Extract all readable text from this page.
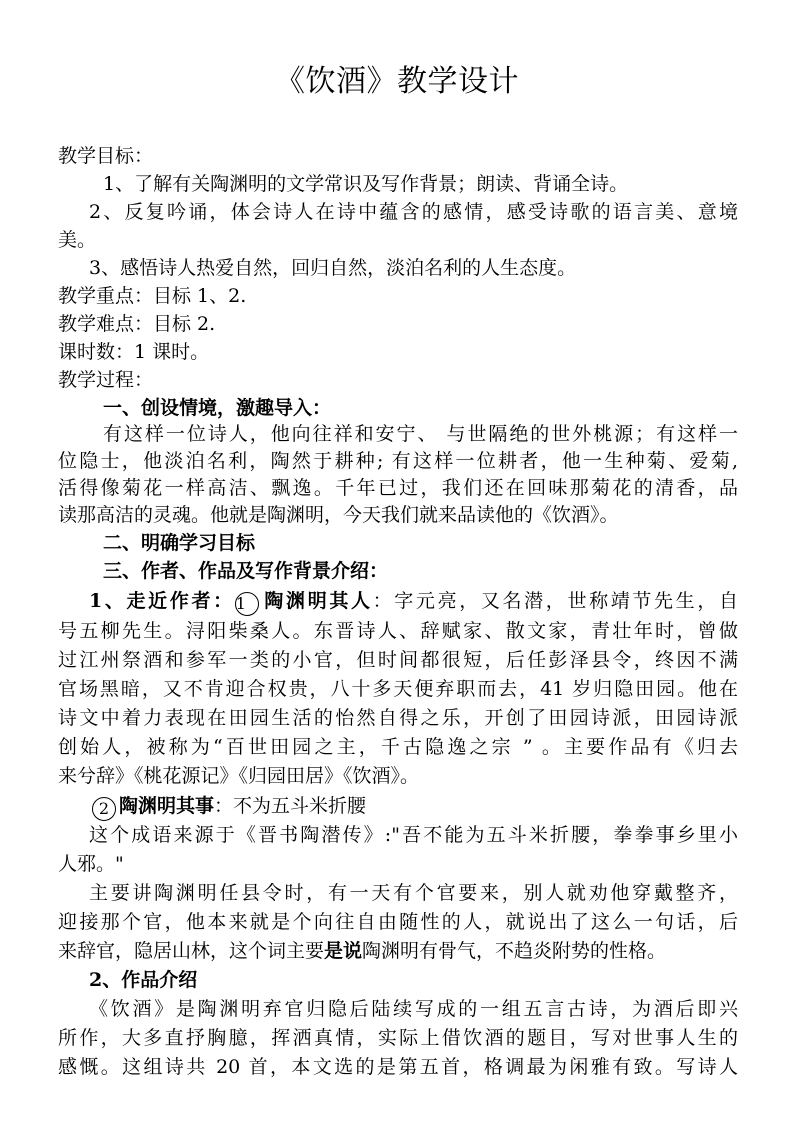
《饮酒》教学设计
教学目标：
1、了解有关陶渊明的文学常识及写作背景；朗读、背诵全诗。
2、反复吟诵，体会诗人在诗中蕴含的感情，感受诗歌的语言美、意境
美。
3、感悟诗人热爱自然，回归自然，淡泊名利的人生态度。
教学重点：目标 1、2.
教学难点：目标 2.
课时数：1 课时。
教学过程：
一、创设情境，激趣导入：
有这样一位诗人，他向往祥和安宁、 与世隔绝的世外桃源；有这样一
位隐士，他淡泊名利，陶然于耕种; 有这样一位耕者，他一生种菊、爱菊,
活得像菊花一样高洁、飘逸。千年已过，我们还在回味那菊花的清香，品
读那高洁的灵魂。他就是陶渊明，今天我们就来品读他的《饮酒》。
二、明确学习目标
三、作者、作品及写作背景介绍：
1、走近作者：1 陶渊明其人：字元亮，又名潜，世称靖节先生，自
号五柳先生。浔阳柴桑人。东晋诗人、辞赋家、散文家，青壮年时，曾做
过江州祭酒和参军一类的小官，但时间都很短，后任彭泽县令，终因不满
官场黑暗，又不肯迎合权贵，八十多天便弃职而去，41 岁归隐田园。他在
诗文中着力表现在田园生活的怡然自得之乐，开创了田园诗派，田园诗派
创始人，被称为“百世田园之主，千古隐逸之宗 ” 。主要作品有《归去
来兮辞》《桃花源记》《归园田居》《饮酒》。
2 陶渊明其事：不为五斗米折腰
这个成语来源于《晋书陶潜传》:"吾不能为五斗米折腰，拳拳事乡里小
人邪。"
主要讲陶渊明任县令时，有一天有个官要来，别人就劝他穿戴整齐，
迎接那个官，他本来就是个向往自由随性的人，就说出了这么一句话，后
来辞官，隐居山林，这个词主要是说陶渊明有骨气，不趋炎附势的性格。
2、作品介绍
《饮酒》是陶渊明弃官归隐后陆续写成的一组五言古诗，为酒后即兴
所作，大多直抒胸臆，挥洒真情，实际上借饮酒的题目，写对世事人生的
感慨。这组诗共 20 首，本文选的是第五首，格调最为闲雅有致。写诗人
